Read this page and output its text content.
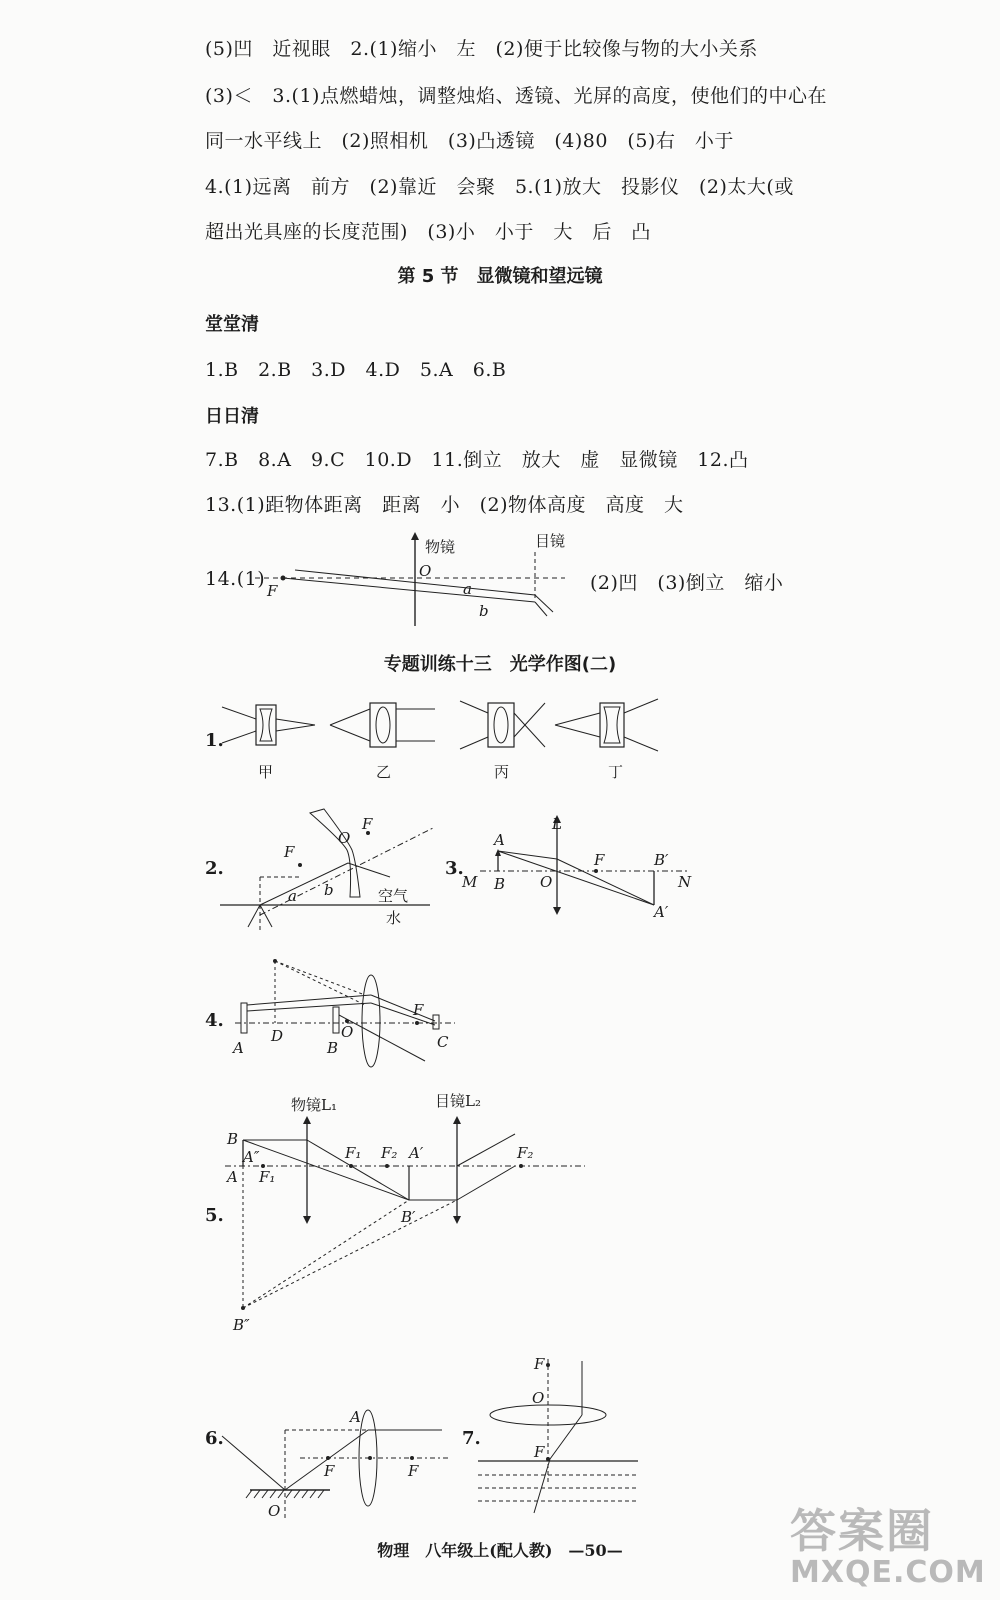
(5)凹　近视眼　2.(1)缩小　左　(2)便于比较像与物的大小关系
(3)＜　3.(1)点燃蜡烛，调整烛焰、透镜、光屏的高度，使他们的中心在
同一水平线上　(2)照相机　(3)凸透镜　(4)80　(5)右　小于
4.(1)远离　前方　(2)靠近　会聚　5.(1)放大　投影仪　(2)太大(或
超出光具座的长度范围)　(3)小　小于　大　后　凸
第 5 节　显微镜和望远镜
堂堂清
1.B　2.B　3.D　4.D　5.A　6.B
日日清
7.B　8.A　9.C　10.D　11.倒立　放大　虚　显微镜　12.凸
13.(1)距物体距离　距离　小　(2)物体高度　高度　大
14.(1)	(2)凹　(3)倒立　缩小
物镜	目镜
F
O
a
b
专题训练十三　光学作图(二)
1.
甲	乙	丙	丁
2.
F
O
F
a b	空气
水
3.
A
L
F	B′
M B O	N
A′
4.	F
A
D
B
O
C
5.
物镜L₁	目镜L₂
B
A″
A F₁
F₁ F₂ A′	F₂
B′
B″
6.
A
F	F
O
7.
F
O
F
物理　八年级上(配人教)　—50—	答案圈
MXQE.COM
